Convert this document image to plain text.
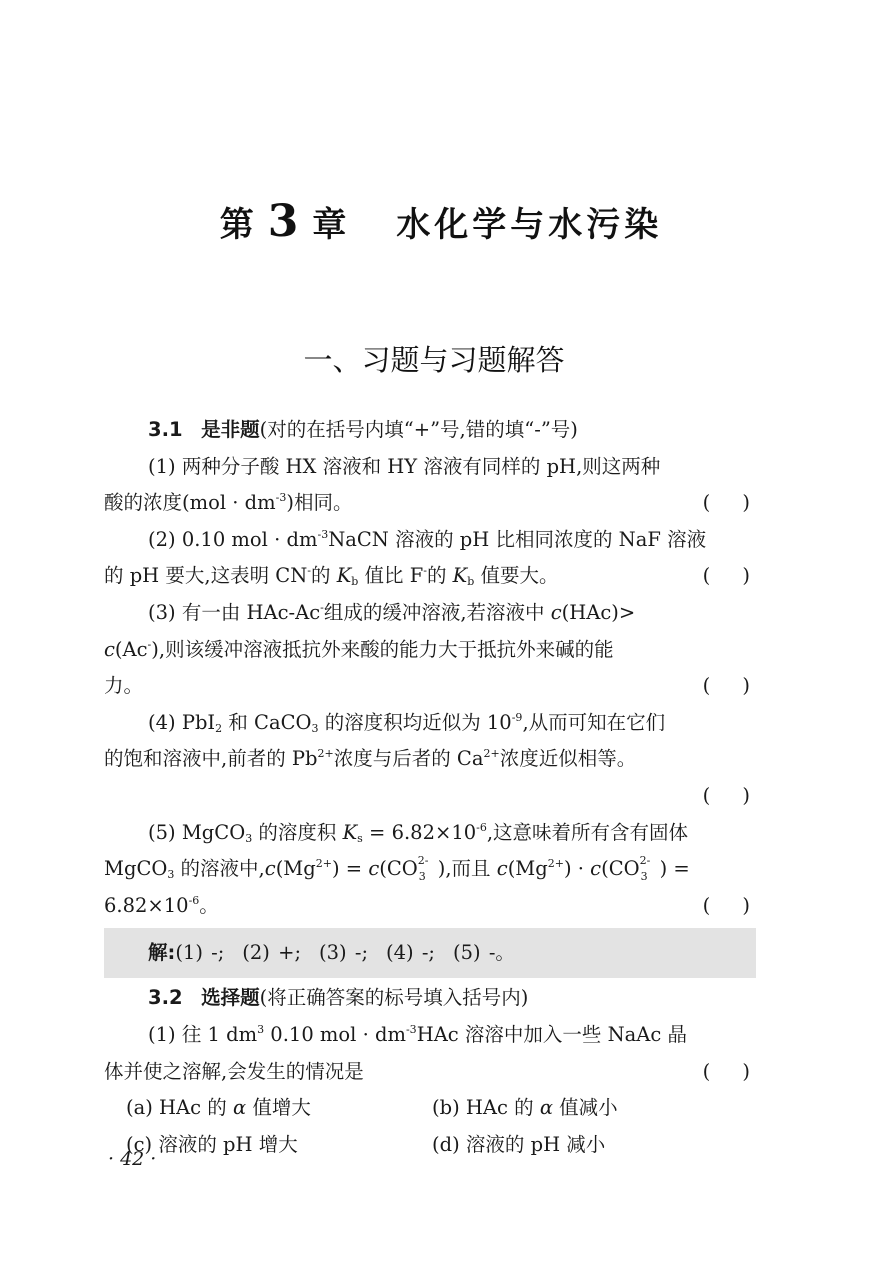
第 3 章 水化学与水污染
一、习题与习题解答
3.1 是非题(对的在括号内填“+”号,错的填“-”号)
(1) 两种分子酸 HX 溶液和 HY 溶液有同样的 pH,则这两种
酸的浓度$(mol \cdot dm^{-3})$相同。	( )
(2) 0.10 mol · $dm^{-3}NaCN$ 溶液的 pH 比相同浓度的 NaF 溶液
的 pH 要大,这表明 CN-的 $K_b$ 值比 F-的 $K_b$ 值要大。	( )
(3) 有一由 HAc-Ac-组成的缓冲溶液,若溶液中 c(HAc)>
c(Ac-),则该缓冲溶液抵抗外来酸的能力大于抵抗外来碱的能
力。	( )
(4) PbI$_2$ 和 CaCO$_3$ 的溶度积均近似为 $10^{-9}$,从而可知在它们
的饱和溶液中,前者的 $Pb^{2+}$浓度与后者的 $Ca^{2+}$浓度近似相等。
( )
(5) MgCO$_3$ 的溶度积 $K_s = 6.82\times 10^{-6}$,这意味着所有含有固体
MgCO$_3$ 的溶液中$,c(Mg^{2+}) = c(CO$ 2-
3 ),而且 $c(Mg^{2+}) \cdot c(CO$ 2-
3 ) =
$6.82\times 10^{-6}$。	( )
解:(1) -; (2) +; (3) -; (4) -; (5) -。
3.2 选择题(将正确答案的标号填入括号内)
(1) 往 1 $dm^3$ 0.10 mol · $dm^{-3}HAc$ 溶溶中加入一些 NaAc 晶
体并使之溶解,会发生的情况是	( )
(a) HAc 的 α 值增大	(b) HAc 的 α 值减小
(c) 溶液的 pH 增大	(d) 溶液的 pH 减小
· 42 ·
